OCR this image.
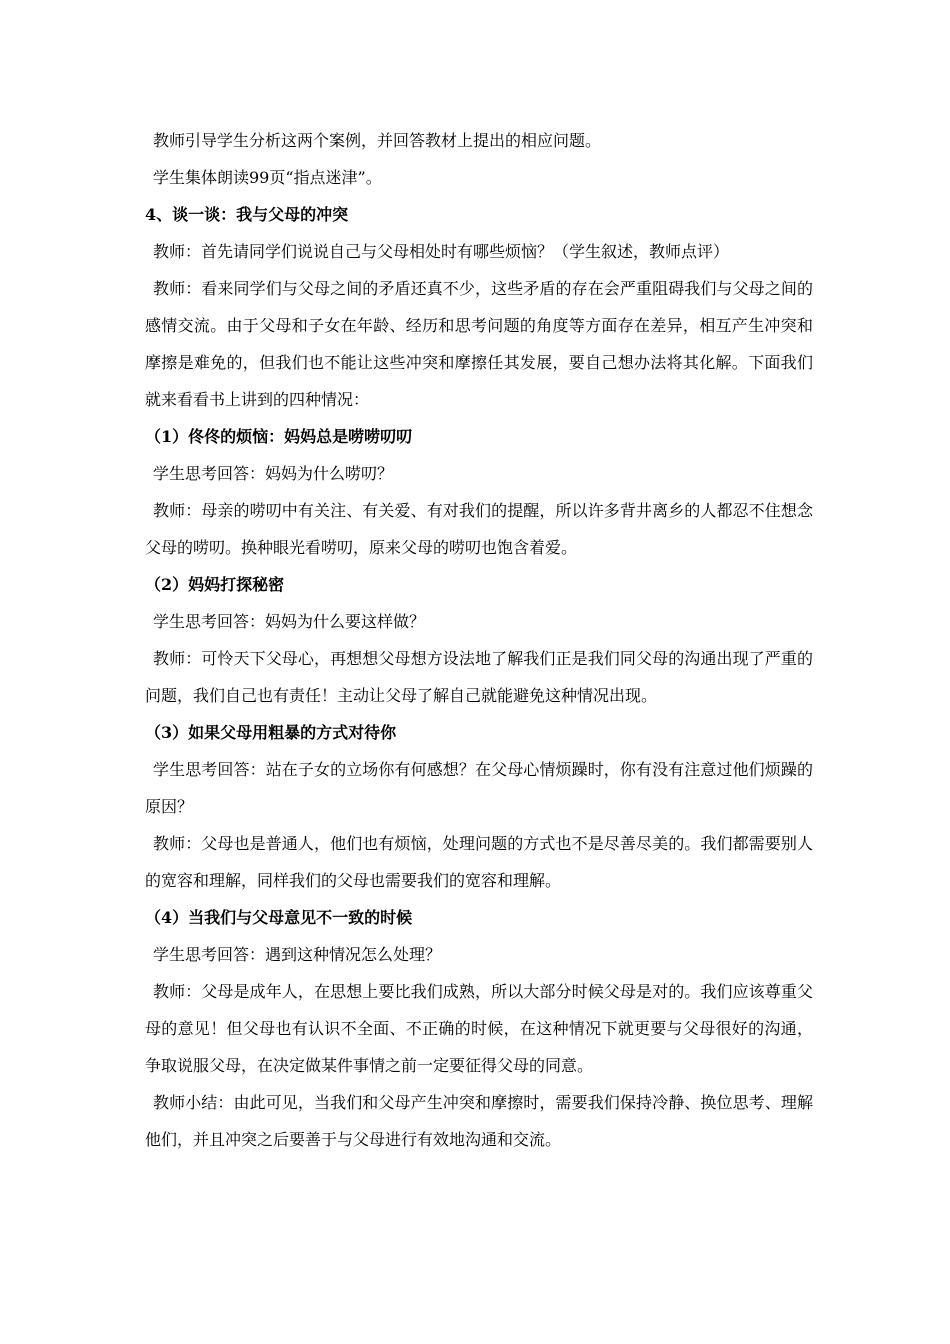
教师引导学生分析这两个案例，并回答教材上提出的相应问题。

学生集体朗读99页“指点迷津”。

4、谈一谈：我与父母的冲突

教师：首先请同学们说说自己与父母相处时有哪些烦恼？（学生叙述，教师点评）

教师：看来同学们与父母之间的矛盾还真不少，这些矛盾的存在会严重阻碍我们与父母之间的感情交流。由于父母和子女在年龄、经历和思考问题的角度等方面存在差异，相互产生冲突和摩擦是难免的，但我们也不能让这些冲突和摩擦任其发展，要自己想办法将其化解。下面我们就来看看书上讲到的四种情况：

（1）佟佟的烦恼：妈妈总是唠唠叨叨

学生思考回答：妈妈为什么唠叨？

教师：母亲的唠叨中有关注、有关爱、有对我们的提醒，所以许多背井离乡的人都忍不住想念父母的唠叨。换种眼光看唠叨，原来父母的唠叨也饱含着爱。

（2）妈妈打探秘密

学生思考回答：妈妈为什么要这样做？

教师：可怜天下父母心，再想想父母想方设法地了解我们正是我们同父母的沟通出现了严重的问题，我们自己也有责任！主动让父母了解自己就能避免这种情况出现。

（3）如果父母用粗暴的方式对待你

学生思考回答：站在子女的立场你有何感想？在父母心情烦躁时，你有没有注意过他们烦躁的原因？

教师：父母也是普通人，他们也有烦恼，处理问题的方式也不是尽善尽美的。我们都需要别人的宽容和理解，同样我们的父母也需要我们的宽容和理解。

（4）当我们与父母意见不一致的时候

学生思考回答：遇到这种情况怎么处理？

教师：父母是成年人，在思想上要比我们成熟，所以大部分时候父母是对的。我们应该尊重父母的意见！但父母也有认识不全面、不正确的时候，在这种情况下就更要与父母很好的沟通，争取说服父母，在决定做某件事情之前一定要征得父母的同意。

教师小结：由此可见，当我们和父母产生冲突和摩擦时，需要我们保持冷静、换位思考、理解他们，并且冲突之后要善于与父母进行有效地沟通和交流。
